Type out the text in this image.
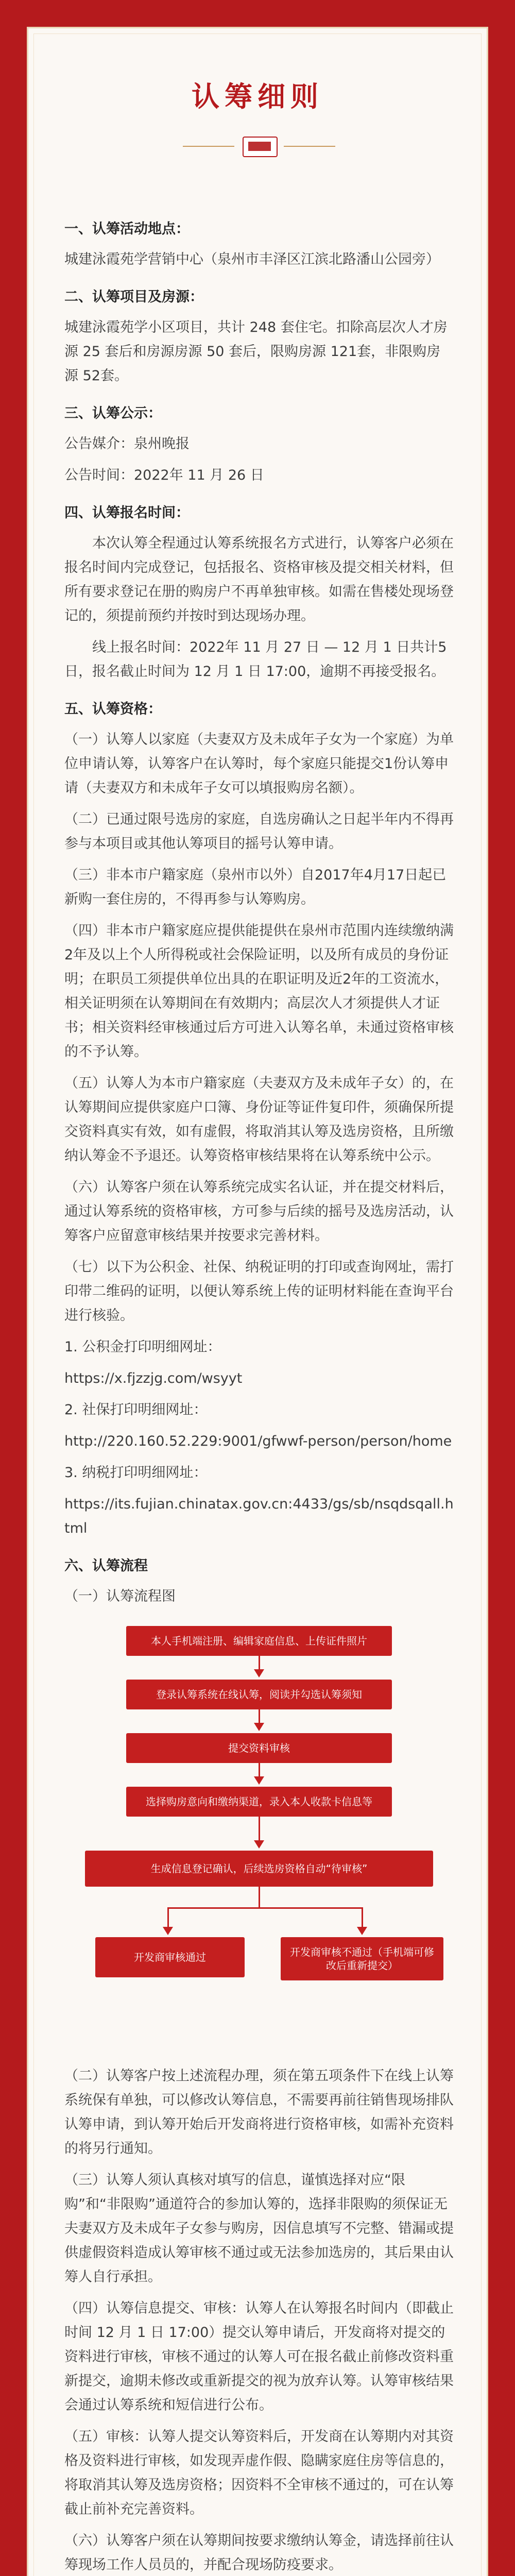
认筹细则
一、认筹活动地点：

城建泳霞苑学营销中心（泉州市丰泽区江滨北路潘山公园旁）

二、认筹项目及房源：

城建泳霞苑学小区项目，共计 248 套住宅。扣除高层次人才房源 25 套后和房源房源 50 套后，限购房源 121套，非限购房源 52套。

三、认筹公示：

公告媒介：泉州晚报

公告时间：2022年 11 月 26 日

四、认筹报名时间：

本次认筹全程通过认筹系统报名方式进行，认筹客户必须在报名时间内完成登记，包括报名、资格审核及提交相关材料，但所有要求登记在册的购房户不再单独审核。如需在售楼处现场登记的，须提前预约并按时到达现场办理。

线上报名时间：2022年 11 月 27 日 — 12 月 1 日共计5日，报名截止时间为 12 月 1 日 17:00，逾期不再接受报名。

五、认筹资格：

（一）认筹人以家庭（夫妻双方及未成年子女为一个家庭）为单位申请认筹，认筹客户在认筹时，每个家庭只能提交1份认筹申请（夫妻双方和未成年子女可以填报购房名额）。

（二）已通过限号选房的家庭，自选房确认之日起半年内不得再参与本项目或其他认筹项目的摇号认筹申请。

（三）非本市户籍家庭（泉州市以外）自2017年4月17日起已新购一套住房的，不得再参与认筹购房。

（四）非本市户籍家庭应提供能提供在泉州市范围内连续缴纳满2年及以上个人所得税或社会保险证明，以及所有成员的身份证明；在职员工须提供单位出具的在职证明及近2年的工资流水，相关证明须在认筹期间在有效期内；高层次人才须提供人才证书；相关资料经审核通过后方可进入认筹名单，未通过资格审核的不予认筹。

（五）认筹人为本市户籍家庭（夫妻双方及未成年子女）的，在认筹期间应提供家庭户口簿、身份证等证件复印件，须确保所提交资料真实有效，如有虚假，将取消其认筹及选房资格，且所缴纳认筹金不予退还。认筹资格审核结果将在认筹系统中公示。

（六）认筹客户须在认筹系统完成实名认证，并在提交材料后，通过认筹系统的资格审核，方可参与后续的摇号及选房活动，认筹客户应留意审核结果并按要求完善材料。

（七）以下为公积金、社保、纳税证明的打印或查询网址，需打印带二维码的证明，以便认筹系统上传的证明材料能在查询平台进行核验。

1. 公积金打印明细网址：

https://x.fjzzjg.com/wsyyt

2. 社保打印明细网址：

http://220.160.52.229:9001/gfwwf-person/person/home

3. 纳税打印明细网址：

https://its.fujian.chinatax.gov.cn:4433/gs/sb/nsqdsqall.html

六、认筹流程

（一）认筹流程图

本人手机端注册、编辑家庭信息、上传证件照片
登录认筹系统在线认筹，阅读并勾选认筹须知
提交资料审核
选择购房意向和缴纳渠道，录入本人收款卡信息等
生成信息登记确认，后续选房资格自动“待审核”
开发商审核通过	开发商审核不通过（手机端可修改后重新提交）

（二）认筹客户按上述流程办理，须在第五项条件下在线上认筹系统保有单独，可以修改认筹信息，不需要再前往销售现场排队认筹申请，到认筹开始后开发商将进行资格审核，如需补充资料的将另行通知。

（三）认筹人须认真核对填写的信息，谨慎选择对应“限购”和“非限购”通道符合的参加认筹的，选择非限购的须保证无夫妻双方及未成年子女参与购房，因信息填写不完整、错漏或提供虚假资料造成认筹审核不通过或无法参加选房的，其后果由认筹人自行承担。

（四）认筹信息提交、审核：认筹人在认筹报名时间内（即截止时间 12 月 1 日 17:00）提交认筹申请后，开发商将对提交的资料进行审核，审核不通过的认筹人可在报名截止前修改资料重新提交，逾期未修改或重新提交的视为放弃认筹。认筹审核结果会通过认筹系统和短信进行公布。

（五）审核：认筹人提交认筹资料后，开发商在认筹期内对其资格及资料进行审核，如发现弄虚作假、隐瞒家庭住房等信息的，将取消其认筹及选房资格；因资料不全审核不通过的，可在认筹截止前补充完善资料。

（六）认筹客户须在认筹期间按要求缴纳认筹金，请选择前往认筹现场工作人员员的，并配合现场防疫要求。
